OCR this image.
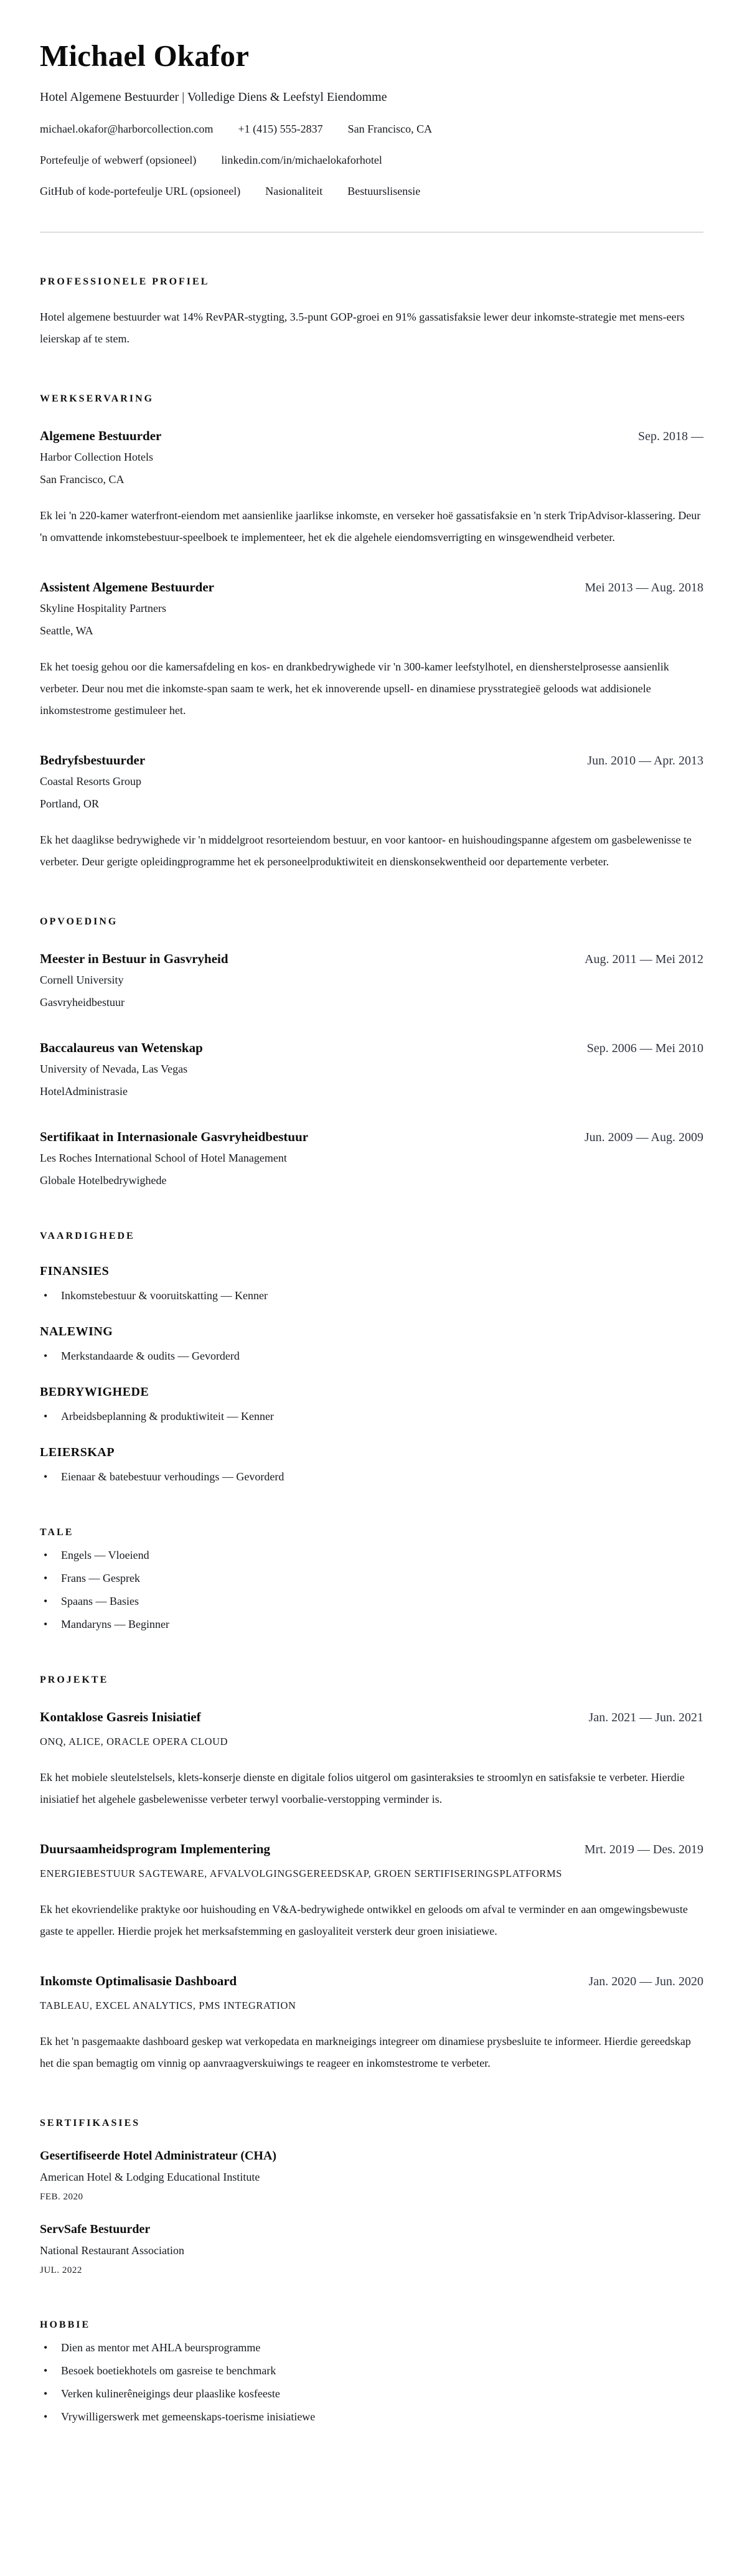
Michael Okafor

Hotel Algemene Bestuurder | Volledige Diens & Leefstyl Eiendomme

michael.okafor@harborcollection.com +1 (415) 555-2837 San Francisco, CA
Portefeulje of webwerf (opsioneel) linkedin.com/in/michaelokaforhotel
GitHub of kode-portefeulje URL (opsioneel) Nasionaliteit Bestuurslisensie
PROFESSIONELE PROFIEL

Hotel algemene bestuurder wat 14% RevPAR-stygting, 3.5-punt GOP-groei en 91% gassatisfaksie lewer deur inkomste-strategie met mens-eers leierskap af te stem.

WERKSERVARING
Algemene Bestuurder	Sep. 2018 —

Harbor Collection Hotels

San Francisco, CA

Ek lei 'n 220-kamer waterfront-eiendom met aansienlike jaarlikse inkomste, en verseker hoë gassatisfaksie en 'n sterk TripAdvisor-klassering. Deur 'n omvattende inkomstebestuur-speelboek te implementeer, het ek die algehele eiendomsverrigting en winsgewendheid verbeter.

Assistent Algemene Bestuurder	Mei 2013 — Aug. 2018

Skyline Hospitality Partners

Seattle, WA

Ek het toesig gehou oor die kamersafdeling en kos- en drankbedrywighede vir 'n 300-kamer leefstylhotel, en diensherstelprosesse aansienlik verbeter. Deur nou met die inkomste-span saam te werk, het ek innoverende upsell- en dinamiese prysstrategieë geloods wat addisionele inkomstestrome gestimuleer het.

Bedryfsbestuurder	Jun. 2010 — Apr. 2013

Coastal Resorts Group

Portland, OR

Ek het daaglikse bedrywighede vir 'n middelgroot resorteiendom bestuur, en voor kantoor- en huishoudingspanne afgestem om gasbelewenisse te verbeter. Deur gerigte opleidingprogramme het ek personeelproduktiwiteit en dienskonsekwentheid oor departemente verbeter.

OPVOEDING
Meester in Bestuur in Gasvryheid	Aug. 2011 — Mei 2012

Cornell University

Gasvryheidbestuur

Baccalaureus van Wetenskap	Sep. 2006 — Mei 2010

University of Nevada, Las Vegas

HotelAdministrasie

Sertifikaat in Internasionale Gasvryheidbestuur	Jun. 2009 — Aug. 2009

Les Roches International School of Hotel Management

Globale Hotelbedrywighede

VAARDIGHEDE
FINANSIES
• Inkomstebestuur & vooruitskatting — Kenner
NALEWING
• Merkstandaarde & oudits — Gevorderd
BEDRYWIGHEDE
• Arbeidsbeplanning & produktiwiteit — Kenner
LEIERSKAP
• Eienaar & batebestuur verhoudings — Gevorderd
TALE
• Engels — Vloeiend
• Frans — Gesprek
• Spaans — Basies
• Mandaryns — Beginner
PROJEKTE
Kontaklose Gasreis Inisiatief	Jan. 2021 — Jun. 2021

ONQ, ALICE, ORACLE OPERA CLOUD

Ek het mobiele sleutelstelsels, klets-konserje dienste en digitale folios uitgerol om gasinteraksies te stroomlyn en satisfaksie te verbeter. Hierdie inisiatief het algehele gasbelewenisse verbeter terwyl voorbalie-verstopping verminder is.

Duursaamheidsprogram Implementering	Mrt. 2019 — Des. 2019

ENERGIEBESTUUR SAGTEWARE, AFVALVOLGINGSGEREEDSKAP, GROEN SERTIFISERINGSPLATFORMS

Ek het ekovriendelike praktyke oor huishouding en V&A-bedrywighede ontwikkel en geloods om afval te verminder en aan omgewingsbewuste gaste te appeller. Hierdie projek het merksafstemming en gasloyaliteit versterk deur groen inisiatiewe.

Inkomste Optimalisasie Dashboard	Jan. 2020 — Jun. 2020

TABLEAU, EXCEL ANALYTICS, PMS INTEGRATION

Ek het 'n pasgemaakte dashboard geskep wat verkopedata en markneigings integreer om dinamiese prysbesluite te informeer. Hierdie gereedskap het die span bemagtig om vinnig op aanvraagverskuiwings te reageer en inkomstestrome te verbeter.

SERTIFIKASIES
Gesertifiseerde Hotel Administrateur (CHA)

American Hotel & Lodging Educational Institute

FEB. 2020

ServSafe Bestuurder

National Restaurant Association

JUL. 2022

HOBBIE
• Dien as mentor met AHLA beursprogramme
• Besoek boetiekhotels om gasreise te benchmark
• Verken kulinerêneigings deur plaaslike kosfeeste
• Vrywilligerswerk met gemeenskaps-toerisme inisiatiewe
